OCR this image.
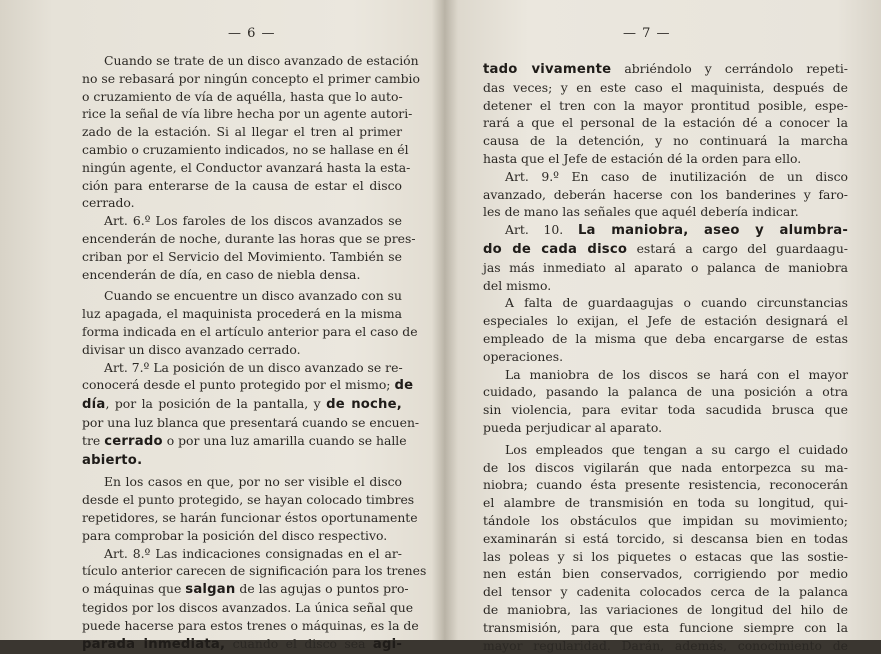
— 6 —
Cuando se trate de un disco avanzado de estación
no se rebasará por ningún concepto el primer cambio
o cruzamiento de vía de aquélla, hasta que lo auto-
rice la señal de vía libre hecha por un agente autori-
zado de la estación. Si al llegar el tren al primer
cambio o cruzamiento indicados, no se hallase en él
ningún agente, el Conductor avanzará hasta la esta-
ción para enterarse de la causa de estar el disco
cerrado.
Art. 6.º Los faroles de los discos avanzados se
encenderán de noche, durante las horas que se pres-
criban por el Servicio del Movimiento. También se
encenderán de día, en caso de niebla densa.
Cuando se encuentre un disco avanzado con su
luz apagada, el maquinista procederá en la misma
forma indicada en el artículo anterior para el caso de
divisar un disco avanzado cerrado.
Art. 7.º La posición de un disco avanzado se re-
conocerá desde el punto protegido por el mismo; de
día, por la posición de la pantalla, y de noche,
por una luz blanca que presentará cuando se encuen-
tre cerrado o por una luz amarilla cuando se halle
abierto.
En los casos en que, por no ser visible el disco
desde el punto protegido, se hayan colocado timbres
repetidores, se harán funcionar éstos oportunamente
para comprobar la posición del disco respectivo.
Art. 8.º Las indicaciones consignadas en el ar-
tículo anterior carecen de significación para los trenes
o máquinas que salgan de las agujas o puntos pro-
tegidos por los discos avanzados. La única señal que
puede hacerse para estos trenes o máquinas, es la de
parada inmediata, cuando el disco sea agi-
— 7 —
tado vivamente abriéndolo y cerrándolo repeti-
das veces; y en este caso el maquinista, después de
detener el tren con la mayor prontitud posible, espe-
rará a que el personal de la estación dé a conocer la
causa de la detención, y no continuará la marcha
hasta que el Jefe de estación dé la orden para ello.
Art. 9.º En caso de inutilización de un disco
avanzado, deberán hacerse con los banderines y faro-
les de mano las señales que aquél debería indicar.
Art. 10. La maniobra, aseo y alumbra-
do de cada disco estará a cargo del guardaagu-
jas más inmediato al aparato o palanca de maniobra
del mismo.
A falta de guardaagujas o cuando circunstancias
especiales lo exijan, el Jefe de estación designará el
empleado de la misma que deba encargarse de estas
operaciones.
La maniobra de los discos se hará con el mayor
cuidado, pasando la palanca de una posición a otra
sin violencia, para evitar toda sacudida brusca que
pueda perjudicar al aparato.
Los empleados que tengan a su cargo el cuidado
de los discos vigilarán que nada entorpezca su ma-
niobra; cuando ésta presente resistencia, reconocerán
el alambre de transmisión en toda su longitud, qui-
tándole los obstáculos que impidan su movimiento;
examinarán si está torcido, si descansa bien en todas
las poleas y si los piquetes o estacas que las sostie-
nen están bien conservados, corrigiendo por medio
del tensor y cadenita colocados cerca de la palanca
de maniobra, las variaciones de longitud del hilo de
transmisión, para que esta funcione siempre con la
mayor regularidad. Darán, además, conocimiento de
